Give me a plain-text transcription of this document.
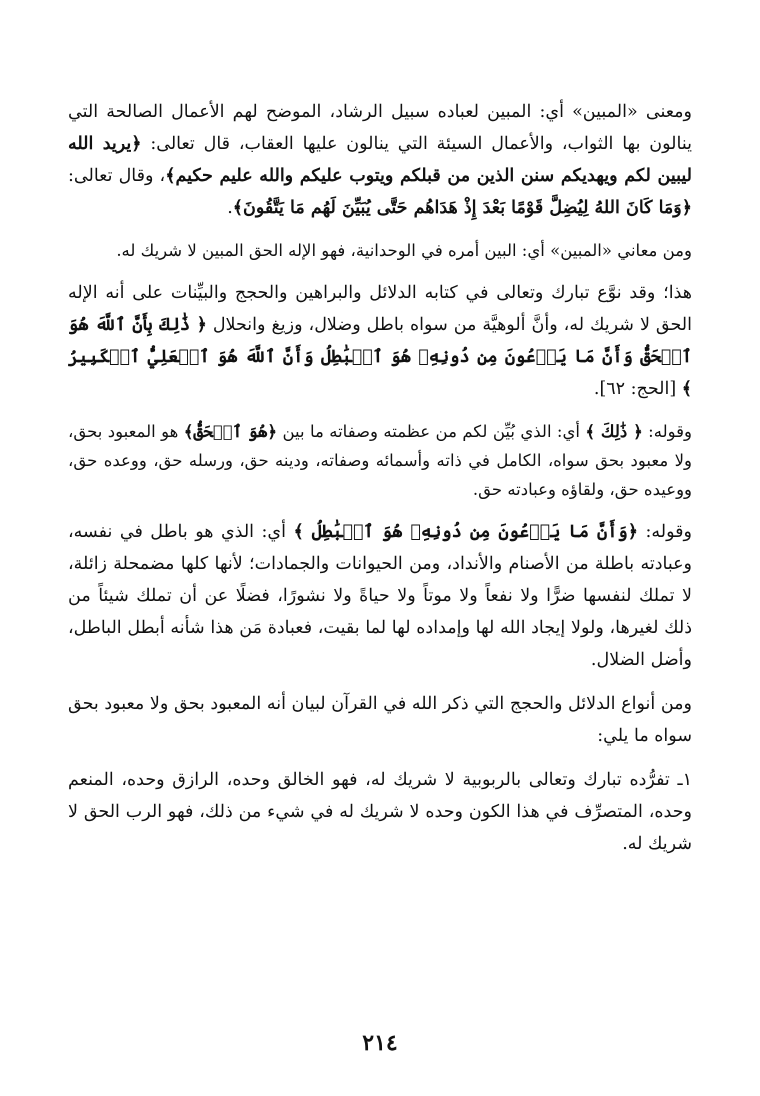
ومعنى «المبين» أي: المبين لعباده سبيل الرشاد، الموضح لهم الأعمال الصالحة التي ينالون بها الثواب، والأعمال السيئة التي ينالون عليها العقاب، قال تعالى: ﴿يريد الله ليبين لكم ويهديكم سنن الذين من قبلكم ويتوب عليكم والله عليم حكيم﴾، وقال تعالى: ﴿وَمَا كَانَ اللهُ لِيُضِلَّ قَوْمًا بَعْدَ إِذْ هَدَاهُم حَتَّى يُبَيِّنَ لَهُم مَا يَتَّقُونَ﴾.

ومن معاني «المبين» أي: البين أمره في الوحدانية، فهو الإله الحق المبين لا شريك له.

هذا؛ وقد نوَّع تبارك وتعالى في كتابه الدلائل والبراهين والحجج والبيِّنات على أنه الإله الحق لا شريك له، وأنَّ ألوهيَّة من سواه باطل وضلال، وزيغ وانحلال ﴿ ذَٰلِكَ بِأَنَّ ٱللَّهَ هُوَ ٱلۡحَقُّ وَأَنَّ مَا يَدۡعُونَ مِن دُونِهِۦ هُوَ ٱلۡبَٰطِلُ وَأَنَّ ٱللَّهَ هُوَ ٱلۡعَلِيُّ ٱلۡكَبِيرُ ﴾ [الحج: ٦٢].

وقوله: ﴿ ذَٰلِكَ ﴾ أي: الذي بُيِّن لكم من عظمته وصفاته ما بين ﴿هُوَ ٱلۡحَقُّ﴾ هو المعبود بحق، ولا معبود بحق سواه، الكامل في ذاته وأسمائه وصفاته، ودينه حق، ورسله حق، ووعده حق، ووعيده حق، ولقاؤه وعبادته حق.

وقوله: ﴿وَأَنَّ مَا يَدۡعُونَ مِن دُونِهِۦ هُوَ ٱلۡبَٰطِلُ ﴾ أي: الذي هو باطل في نفسه، وعبادته باطلة من الأصنام والأنداد، ومن الحيوانات والجمادات؛ لأنها كلها مضمحلة زائلة، لا تملك لنفسها ضرًّا ولا نفعاً ولا موتاً ولا حياةً ولا نشورًا، فضلًا عن أن تملك شيئاً من ذلك لغيرها، ولولا إيجاد الله لها وإمداده لها لما بقيت، فعبادة مَن هذا شأنه أبطل الباطل، وأضل الضلال.

ومن أنواع الدلائل والحجج التي ذكر الله في القرآن لبيان أنه المعبود بحق ولا معبود بحق سواه ما يلي:

١ـ تفرُّده تبارك وتعالى بالربوبية لا شريك له، فهو الخالق وحده، الرازق وحده، المنعم وحده، المتصرِّف في هذا الكون وحده لا شريك له في شيء من ذلك، فهو الرب الحق لا شريك له.

٢١٤
